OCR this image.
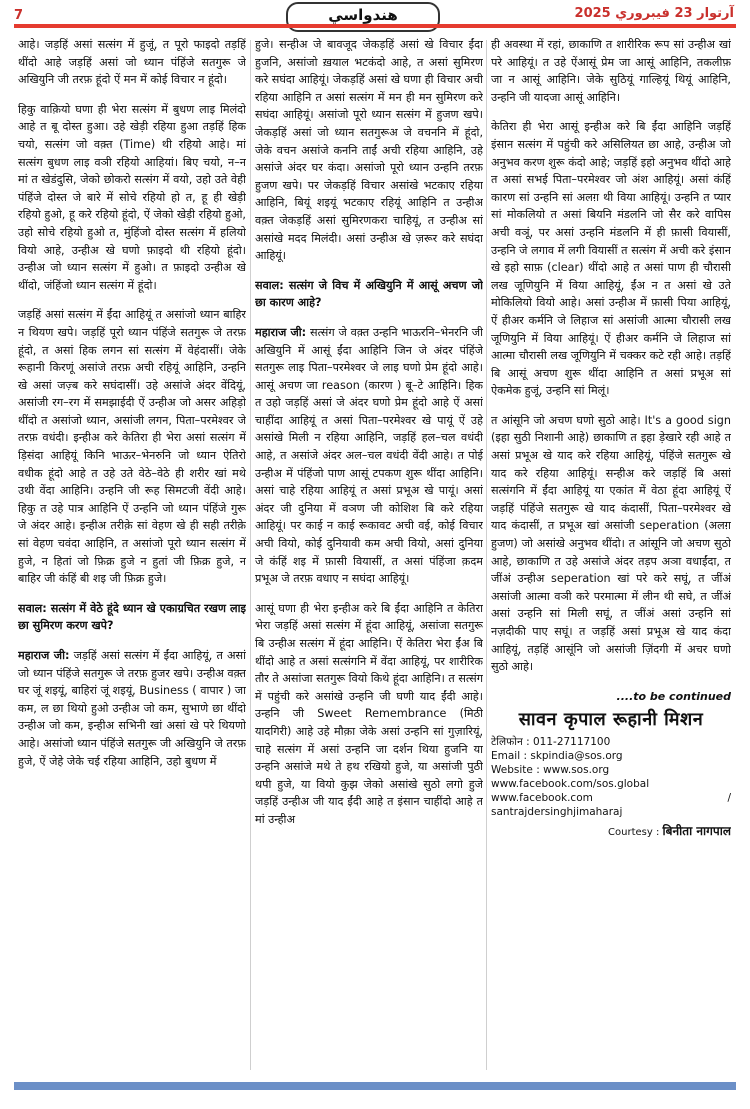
7	هندواسي	آرتوار 23 فيبروري 2025

आहे। जड़हिं असां सत्संग में हुजूं, त पूरो फाइदो तड़हिं थींदो आहे जड़हिं असां जो ध्यान पंहिंजे सतगुरू जे अखियुनि जी तरफ़ हूंदो ऐं मन में कोई विचार न हूंदो।

हिकु वाक़ियो घणा ही भेरा सत्संग में बुधण लाइ मिलंदो आहे त बू दोस्त हुआ। उहे खेड़ी रहिया हुआ तड़हिं हिक चयो, सत्संग जो वक़्त (Time) थी रहियो आहे। मां सत्संग बुधण लाइ वञी रहियो आहियां। बिए चयो, न–न मां त खेडंदुसि, जेको छोकरो सत्संग में वयो, उहो उते वेही पंहिंजे दोस्त जे बारे में सोचे रहियो हो त, हू ही खेड़ी रहियो हुओ, हू करे रहियो हूंदो, ऐं जेको खेड़ी रहियो हुओ, उहो सोचे रहियो हुओ त, मुंहिंजो दोस्त सत्संग में हलियो वियो आहे, उन्हीअ खे घणो फ़ाइदो थी रहियो हूंदो। उन्हीअ जो ध्यान सत्संग में हुओ। त फ़ाइदो उन्हीअ खे थींदो, जंहिंजो ध्यान सत्संग में हूंदो।

जड़हिं असां सत्संग में ईंदा आहियूं त असांजो ध्यान बाहिर न थियण खपे। जड़हिं पूरो ध्यान पंहिंजे सतगुरू जे तरफ़ हूंदो, त असां हिक लगन सां सत्संग में वेहंदासीं। जेके रूहानी किरणूं असांजे तरफ़ अची रहियूं आहिनि, उन्हनि खे असां जज़्ब करे सघंदासीं। उहे असांजे अंदर वेंदियूं, असांजी रग–रग में समझाईदी ऐं उन्हीअ जो असर अहिड़ो थींदो त असांजो ध्यान, असांजी लगन, पिता–परमेश्वर जे तरफ़ वधंदी। इन्हीअ करे केतिरा ही भेरा असां सत्संग में ड़िसंदा आहियूं किनि भाऊर–भेनरुनि जो ध्यान ऐतिरो वधीक हूंदो आहे त उहे उते वेठे–वेठे ही शरीर खां मथे उथी वेंदा आहिनि। उन्हनि जी रूह सिमटजी वेंदी आहे। हिकु त उहे पात्र आहिनि ऐं उन्हनि जो ध्यान पंहिंजे गुरू जे अंदर आहे। इन्हीअ तरीक़े सां वेहण खे ही सही तरीक़े सां वेहण चवंदा आहिनि, त असांजो पूरो ध्यान सत्संग में हुजे, न हितां जो फ़िक्र हुजे न हुतां जी फ़िक्र हुजे, न बाहिर जी कंहिं बी शइ जी फ़िक्र हुजे।

सवाल: सत्संग में वेठे हूंदे ध्यान खे एकाग्रचित रखण लाइ छा सुमिरण करण खपे?

महाराज जी: जड़हिं असां सत्संग में ईंदा आहियूं, त असां जो ध्यान पंहिंजे सतगुरू जे तरफ़ हुजर खपे। उन्हीअ वक़्त घर जूं शइयूं, बाहिरां जूं शइयूं, Business ( वापार ) जा कम, ल छा थियो हुओ उन्हीअ जो कम, सुभाणे छा थींदो उन्हीअ जो कम, इन्हीअ सभिनी खां असां खे परे थियणो आहे। असांजो ध्यान पंहिंजे सतगुरू जी अखियुनि जे तरफ़ हुजे, ऐं जेहे जेके चई रहिया आहिनि, उहो बुधण में

हुजे। सन्हीअ जे बावजूद जेकड़हिं असां खे विचार ईंदा हुजनि, असांजो ख़याल भटकंदो आहे, त असां सुमिरण करे सघंदा आहियूं। जेकड़हिं असां खे घणा ही विचार अची रहिया आहिनि त असां सत्संग में मन ही मन सुमिरण करे सघंदा आहियूं। असांजो पूरो ध्यान सत्संग में हुजण खपे। जेकड़हिं असां जो ध्यान सतगुरूअ जे वचननि में हूंदो, जेके वचन असांजे कननि ताईं अची रहिया आहिनि, उहे असांजे अंदर घर कंदा। असांजो पूरो ध्यान उन्हनि तरफ़ हुजण खपे। पर जेकड़हिं विचार असांखे भटकाए रहिया आहिनि, बियूं शइयूं भटकाए रहियूं आहिनि त उन्हीअ वक़्त जेकड़हिं असां सुमिरणकरा चाहियूं, त उन्हीअ सां असांखे मदद मिलंदी। असां उन्हीअ खे ज़रूर करे सघंदा आहियूं।

सवाल: सत्संग जे विच में अखियुनि में आसूं अचण जो छा कारण आहे?

महाराज जी: सत्संग जे वक़्त उन्हनि भाऊरनि–भेनरनि जी अखियुनि में आसूं ईंदा आहिनि जिन जे अंदर पंहिंजे सतगुरू लाइ पिता–परमेश्वर जे लाइ घणो प्रेम हूंदो आहे। आसूं अचण जा reason (कारण ) बू–टे आहिनि। हिक त उहो जड़हिं असां जे अंदर घणो प्रेम हूंदो आहे ऐं असां चाहींदा आहियूं त असां पिता–परमेश्वर खे पायूं ऐं उहे असांखे मिली न रहिया आहिनि, जड़हिं हल–चल वधंदी आहे, त असांजे अंदर अल–चल वधंदी वेंदी आहे। त पोई उन्हीअ में पंहिंजो पाण आसूं टपकण शुरू थींदा आहिनि। असां चाहे रहिया आहियूं त असां प्रभूअ खे पायूं। असां अंदर जी दुनिया में वञण जी कोशिश बि करे रहिया आहियूं। पर काई न काई रूकावट अची वई, कोई विचार अची वियो, कोई दुनियावी कम अची वियो, असां दुनिया जे कंहिं शइ में फ़ासी वियासीं, त असां पंहिंजा क़दम प्रभूअ जे तरफ़ वधाए न सघंदा आहियूं।

आसूं घणा ही भेरा इन्हीअ करे बि ईंदा आहिनि त केतिरा भेरा जड़हिं असां सत्संग में हूंदा आहियूं, असांजा सतगुरू बि उन्हीअ सत्संग में हूंदा आहिनि। ऐं केतिरा भेरा ईंअ बि थींदो आहे त असां सत्संगनि में वेंदा आहियूं, पर शारीरिक तौर ते असांजा सतगुरू वियो किथे हूंदा आहिनि। त सत्संग में पहुंची करे असांखे उन्हनि जी घणी याद ईंदी आहे। उन्हनि जी Sweet Remembrance (मिठी यादगिरी) आहे उहे मौक़ा जेके असां उन्हनि सां गुज़ारियूं, चाहे सत्संग में असां उन्हनि जा दर्शन थिया हुजनि या उन्हनि असांजे मथे ते हथ रखियो हुजे, या असांजी पुठी थपी हुजे, या वियो कुझ जेको असांखे सुठो लगो हुजे जड़हिं उन्हीअ जी याद ईंदी आहे त इंसान चाहींदो आहे त मां उन्हीअ

ही अवस्था में रहां, छाकाणि त शारीरिक रूप सां उन्हीअ खां परे आहियूं। त उहे ऐंआसूं प्रेम जा आसूं आहिनि, तकलीफ़ जा न आसूं आहिनि। जेके सुठियूं गाल्हियूं थियूं आहिनि, उन्हनि जी यादजा आसूं आहिनि।

केतिरा ही भेरा आसूं इन्हीअ करे बि ईंदा आहिनि जड़हिं इंसान सत्संग में पहुंची करे असिलियत छा आहे, उन्हीअ जो अनुभव करण शुरू कंदो आहे; जड़हिं इहो अनुभव थींदो आहे त असां सभई पिता–परमेश्वर जो अंश आहियूं। असां कंहिं कारण सां उन्हनि सां अलग़ थी विया आहियूं। उन्हनि त प्यार सां मोकलियो त असां बियनि मंडलनि जो सैर करे वापिस अची वञूं, पर असां उन्हनि मंडलनि में ही फ़ासी वियासीं, उन्हनि जे लगाव में लगी वियासीं त सत्संग में अची करे इंसान खे इहो साफ़ (clear) थींदो आहे त असां पाण ही चौरासी लख जूणियुनि में विया आहियूं, ईंअ न त असां खे उते मोकिलियो वियो आहे। असां उन्हीअ में फ़ासी पिया आहियूं, ऐं हीअर कर्मनि जे लिहाज सां असांजी आत्मा चौरासी लख जूणियुनि में विया आहियूं। ऐं हीअर कर्मनि जे लिहाज सां आत्मा चौरासी लख जूणियुनि में चक्कर कटे रही आहे। तड़हिं बि आसूं अचण शुरू थींदा आहिनि त असां प्रभूअ सां ऐकमेक हुजूं, उन्हनि सां मिलूं।

त आंसूनि जो अचण घणो सुठो आहे। It's a good sign (इहा सुठी निशानी आहे) छाकाणि त इहा ड़ेखारे रही आहे त असां प्रभूअ खे याद करे रहिया आहियूं, पंहिंजे सतगुरू खे याद करे रहिया आहियूं। सन्हीअ करे जड़हिं बि असां सत्संगनि में ईंदा आहियूं या एकांत में वेठा हूंदा आहियूं ऐं जड़हिं पंहिंजे सतगुरू खे याद कंदासीं, पिता–परमेश्वर खे याद कंदासीं, त प्रभूअ खां असांजी seperation (अलग़ हुजण) जो असांखे अनुभव थींदो। त आंसूनि जो अचण सुठो आहे, छाकाणि त उहे असांजे अंदर तड़प अञा वधाईंदा, त जींअं उन्हीअ seperation खां परे करे सघूं, त जींअं असांजी आत्मा वञी करे परमात्मा में लीन थी सघे, त जींअं असां उन्हनि सां मिली सघूं, त जींअं असां उन्हनि सां नज़दीकी पाए सघूं। त जड़हिं असां प्रभूअ खे याद कंदा आहियूं, तड़हिं आसूंनि जो असांजी ज़िंदगी में अचर घणो सुठो आहे।

....to be continued
सावन कृपाल रूहानी मिशन
टेलिफोन : 011-27117100
Email : skpindia@sos.org
Website : www.sos.org
www.facebook.com/sos.global
www.facebook.com / santrajdersinghjimaharaj
Courtesy : बिनीता नागपाल
